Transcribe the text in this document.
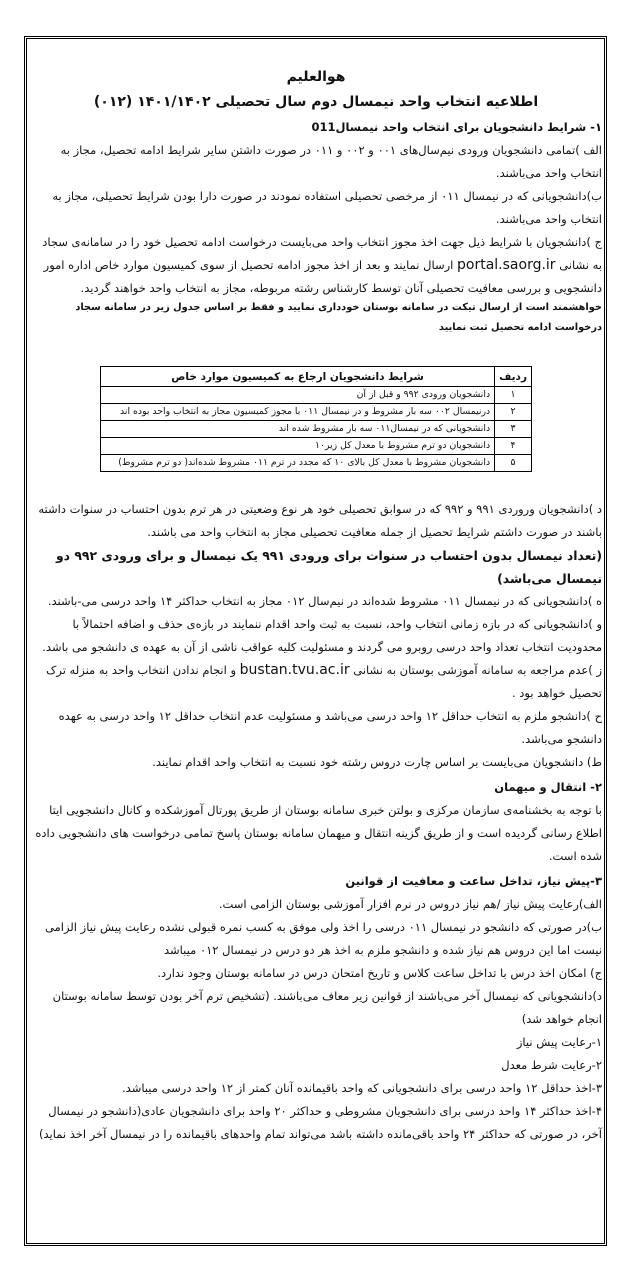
هوالعلیم

اطلاعیه انتخاب واحد نیمسال دوم سال تحصیلی ۱۴۰۱/۱۴۰۲ (۰۱۲)

۱- شرایط دانشجویان برای انتخاب واحد نیمسال011

الف )تمامی دانشجویان ورودی نیم‌سال‌های ۰۰۱ و ۰۰۲ و ۰۱۱ در صورت داشتن سایر شرایط ادامه تحصیل، مجاز به انتخاب واحد می‌باشند.

ب)دانشجویانی که در نیمسال ۰۱۱ از مرخصی تحصیلی استفاده نمودند در صورت دارا بودن شرایط تحصیلی، مجاز به انتخاب واحد می‌باشند.

ج )دانشجویان با شرایط ذیل جهت اخذ مجوز انتخاب واحد می‌بایست درخواست ادامه تحصیل خود را در سامانه‌ی سجاد به نشانی portal.saorg.ir ارسال نمایند و بعد از اخذ مجوز ادامه تحصیل از سوی کمیسیون موارد خاص اداره امور دانشجویی و بررسی معافیت تحصیلی آنان توسط کارشناس رشته مربوطه، مجاز به انتخاب واحد خواهند گردید.

خواهشمند است از ارسال تیکت در سامانه بوستان خودداری نمایید و فقط بر اساس جدول زیر در سامانه سجاد درخواست ادامه تحصیل ثبت نمایید

ردیف	شرایط دانشجویان ارجاع به کمیسیون موارد خاص
۱	دانشجویان ورودی ۹۹۲ و قبل از آن
۲	درنیمسال ۰۰۲ سه بار مشروط و در نیمسال ۰۱۱ با مجوز کمیسیون مجاز به انتخاب واحد بوده اند
۳	دانشجویانی که در نیمسال۰۱۱ سه بار مشروط شده اند
۴	دانشجویان دو ترم مشروط با معدل کل زیر۱۰
۵	دانشجویان مشروط با معدل کل بالای ۱۰ که مجدد در ترم ۰۱۱ مشروط شده‌اند( دو ترم مشروط)

د )دانشجویان وروردی ۹۹۱ و ۹۹۲ که در سوابق تحصیلی خود هر نوع وضعیتی در هر ترم بدون احتساب در سنوات داشته باشند در صورت داشتم شرایط تحصیل از جمله معافیت تحصیلی مجاز به انتخاب واحد می باشند.

(تعداد نیمسال بدون احتساب در سنوات برای ورودی ۹۹۱ یک نیمسال و برای ورودی ۹۹۲ دو نیمسال می‌باشد)

ه )دانشجویانی که در نیمسال ۰۱۱ مشروط شده‌اند در نیم‌سال ۰۱۲ مجاز به انتخاب حداکثر ۱۴ واحد درسی می-باشند.

و )دانشجویانی که در بازه زمانی انتخاب واحد، نسبت به ثبت واحد اقدام ننمایند در بازه‌ی حذف و اضافه احتمالاً با محدودیت انتخاب تعداد واحد درسی روبرو می گردند و مسئولیت کلیه عواقب ناشی از آن به عهده ی دانشجو می باشد.

ز )عدم مراجعه به سامانه آموزشی بوستان به نشانی bustan.tvu.ac.ir و انجام ندادن انتخاب واحد به منزله ترک تحصیل خواهد بود .

ح )دانشجو ملزم به انتخاب حداقل ۱۲ واحد درسی می‌باشد و مسئولیت عدم انتخاب حداقل ۱۲ واحد درسی به عهده دانشجو می‌باشد.

ط) دانشجویان می‌بایست بر اساس چارت دروس رشته خود نسبت به انتخاب واحد اقدام نمایند.

۲- انتقال و میهمان

با توجه به بخشنامه‌ی سازمان مرکزی و بولتن خبری سامانه بوستان از طریق پورتال آموزشکده و کانال دانشجویی ایتا اطلاع رسانی گردیده است و از طریق گزینه انتقال و میهمان سامانه بوستان پاسخ تمامی درخواست های دانشجویی داده شده است.

۳-پیش نیاز، تداخل ساعت و معافیت از قوانین

الف)رعایت پیش نیاز /هم نیاز دروس در نرم افزار آموزشی بوستان الزامی است.

ب)در صورتی که دانشجو در نیمسال ۰۱۱ درسی را اخذ ولی موفق به کسب نمره قبولی نشده رعایت پیش نیاز الزامی نیست اما این دروس هم نیاز شده و دانشجو ملزم به اخذ هر دو درس در نیمسال ۰۱۲ میباشد

ج) امکان اخذ درس با تداخل ساعت کلاس و تاریخ امتحان درس در سامانه بوستان وجود ندارد.

د)دانشجویانی که نیمسال آخر می‌باشند از قوانین زیر معاف می‌باشند. (تشخیص ترم آخر بودن توسط سامانه بوستان انجام خواهد شد)

۱-رعایت پیش نیاز

۲-رعایت شرط معدل

۳-اخذ حداقل ۱۲ واحد درسی برای دانشجویانی که واحد باقیمانده آنان کمتر از ۱۲ واحد درسی میباشد.

۴-اخذ حداکثر ۱۴ واحد درسی برای دانشجویان مشروطی و حداکثر ۲۰ واحد برای دانشجویان عادی(دانشجو در نیمسال آخر، در صورتی که حداکثر ۲۴ واحد باقی‌مانده داشته باشد می‌تواند تمام واحدهای باقیمانده را در نیمسال آخر اخذ نماید)
